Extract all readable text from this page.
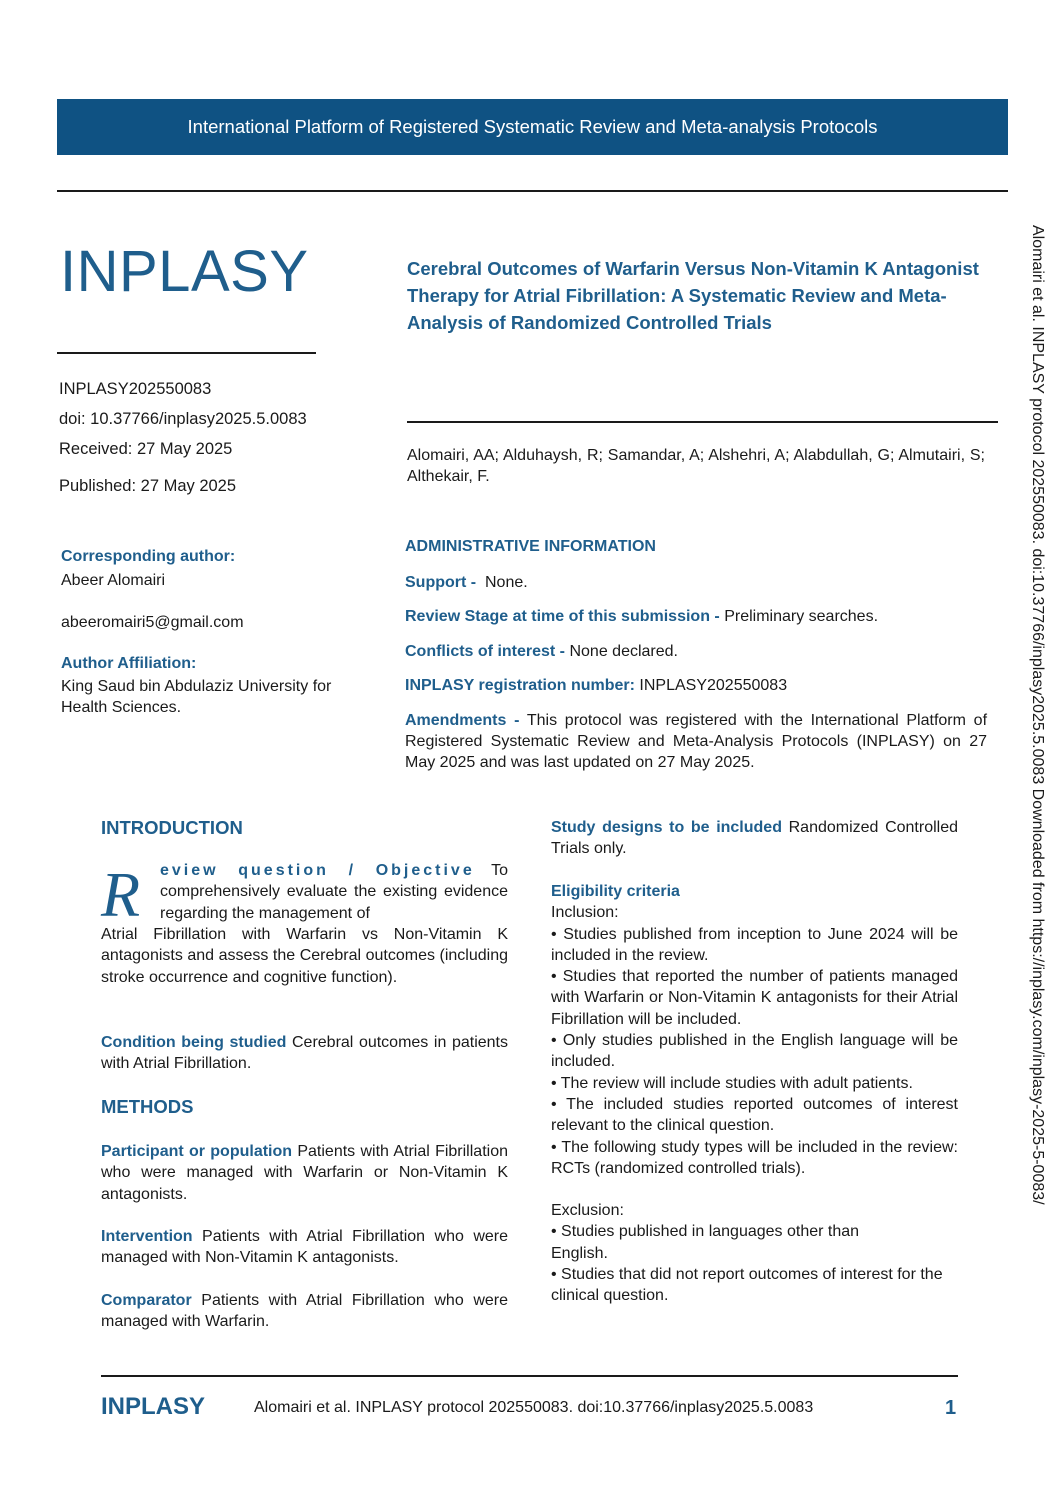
International Platform of Registered Systematic Review and Meta-analysis Protocols
INPLASY
INPLASY202550083
doi: 10.37766/inplasy2025.5.0083
Received: 27 May 2025
Published: 27 May 2025
Cerebral Outcomes of Warfarin Versus Non-Vitamin K Antagonist Therapy for Atrial Fibrillation: A Systematic Review and Meta- Analysis of Randomized Controlled Trials
Alomairi, AA; Alduhaysh, R; Samandar, A; Alshehri, A; Alabdullah, G; Almutairi, S; Althekair, F.
Corresponding author:
Abeer Alomairi
abeeromairi5@gmail.com
Author Affiliation:
King Saud bin Abdulaziz University for Health Sciences.
ADMINISTRATIVE INFORMATION
Support - None.
Review Stage at time of this submission - Preliminary searches.
Conflicts of interest - None declared.
INPLASY registration number: INPLASY202550083
Amendments - This protocol was registered with the International Platform of Registered Systematic Review and Meta-Analysis Protocols (INPLASY) on 27 May 2025 and was last updated on 27 May 2025.
INTRODUCTION
R eview question / Objective To comprehensively evaluate the existing evidence regarding the management of
Atrial Fibrillation with Warfarin vs Non-Vitamin K antagonists and assess the Cerebral outcomes (including stroke occurrence and cognitive function).
Condition being studied Cerebral outcomes in patients with Atrial Fibrillation.
METHODS
Participant or population Patients with Atrial Fibrillation who were managed with Warfarin or Non-Vitamin K antagonists.
Intervention Patients with Atrial Fibrillation who were managed with Non-Vitamin K antagonists.
Comparator Patients with Atrial Fibrillation who were managed with Warfarin.
Study designs to be included Randomized Controlled Trials only.
Eligibility criteria
Inclusion:
• Studies published from inception to June 2024 will be included in the review.
• Studies that reported the number of patients managed with Warfarin or Non-Vitamin K antagonists for their Atrial Fibrillation will be included.
• Only studies published in the English language will be included.
• The review will include studies with adult patients.
• The included studies reported outcomes of interest relevant to the clinical question.
• The following study types will be included in the review: RCTs (randomized controlled trials).
Exclusion:
• Studies published in languages other than English.
• Studies that did not report outcomes of interest for the clinical question.
Alomairi et al. INPLASY protocol 202550083. doi:10.37766/inplasy2025.5.0083 Downloaded from https://inplasy.com/inplasy-2025-5-0083/
INPLASY	Alomairi et al. INPLASY protocol 202550083. doi:10.37766/inplasy2025.5.0083	1
